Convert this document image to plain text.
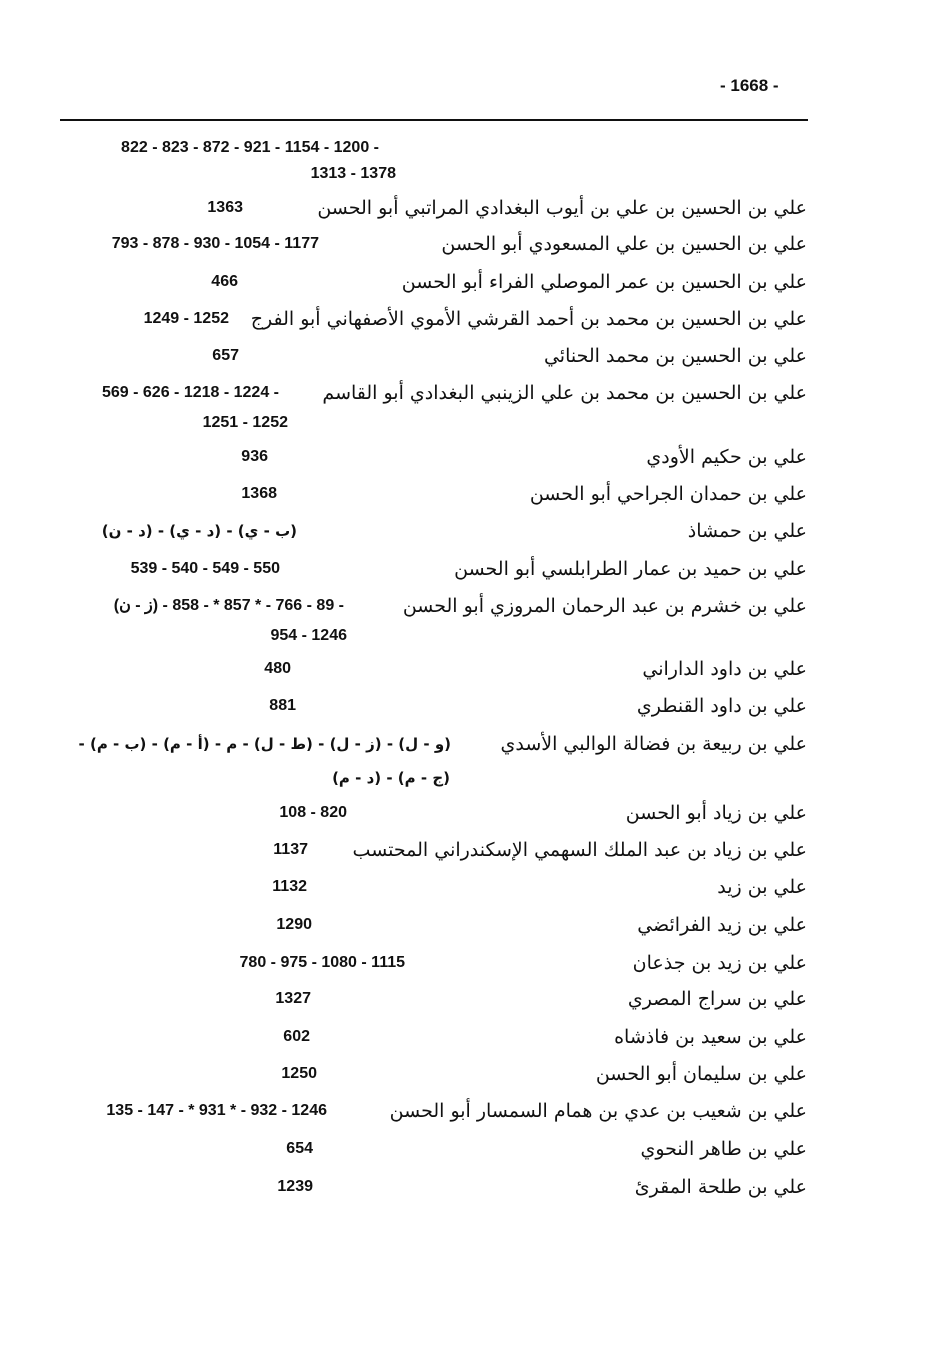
- 1668 -
822 - 823 - 872 - 921 - 1154 - 1200 -
1313 - 1378
علي بن الحسين بن علي بن أيوب البغدادي المراتبي أبو الحسن
1363
علي بن الحسين بن علي المسعودي أبو الحسن
793 - 878 - 930 - 1054 - 1177
علي بن الحسين بن عمر الموصلي الفراء أبو الحسن
466
علي بن الحسين بن محمد بن أحمد القرشي الأموي الأصفهاني أبو الفرج
1249 - 1252
علي بن الحسين بن محمد الحنائي
657
علي بن الحسين بن محمد بن علي الزينبي البغدادي أبو القاسم
569 - 626 - 1218 - 1224 -
1251 - 1252
علي بن حكيم الأودي
936
علي بن حمدان الجراحي أبو الحسن
1368
علي بن حمشاذ
(ب - ي) - (د - ي) - (د - ن)
علي بن حميد بن عمار الطرابلسي أبو الحسن
539 - 540 - 549 - 550
علي بن خشرم بن عبد الرحمان المروزي أبو الحسن
(ز - ن) - 89 - 766 - * 857 * - 858 -
954 - 1246
علي بن داود الداراني
480
علي بن داود القنطري
881
علي بن ربيعة بن فضالة الوالبي الأسدي
(و - ل) - (ز - ل) - (ط - ل) - م - (أ - م) - (ب - م) -
(ج - م) - (د - م)
علي بن زياد أبو الحسن
108 - 820
علي بن زياد بن عبد الملك السهمي الإسكندراني المحتسب
1137
علي بن زيد
1132
علي بن زيد الفرائضي
1290
علي بن زيد بن جذعان
780 - 975 - 1080 - 1115
علي بن سراج المصري
1327
علي بن سعيد بن فاذشاه
602
علي بن سليمان أبو الحسن
1250
علي بن شعيب بن عدي بن همام السمسار أبو الحسن
135 - 147 - * 931 * - 932 - 1246
علي بن طاهر النحوي
654
علي بن طلحة المقرئ
1239
